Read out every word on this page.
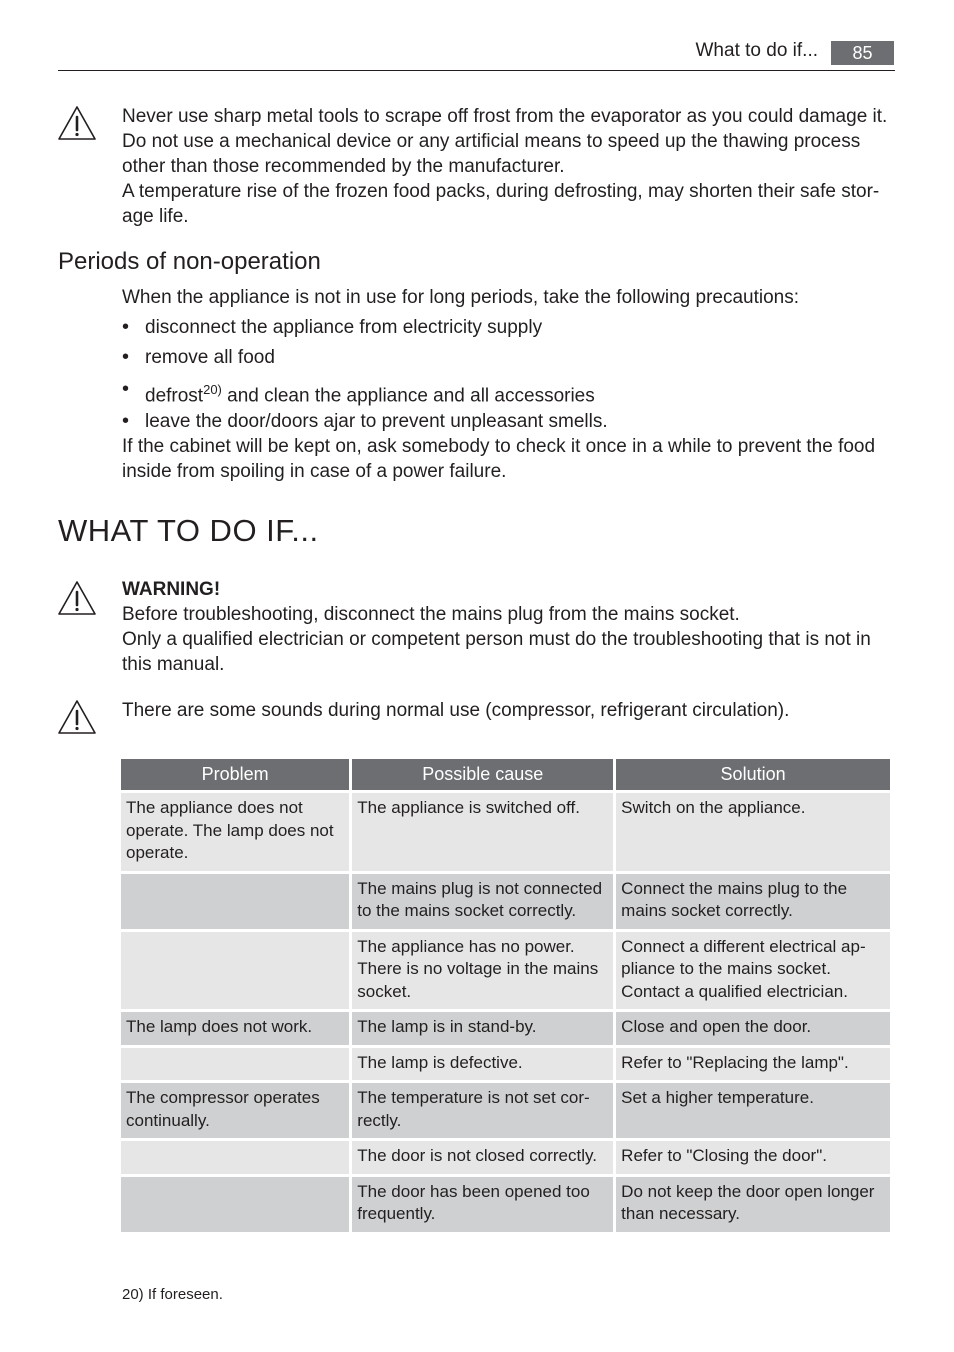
What to do if...	85

Never use sharp metal tools to scrape off frost from the evaporator as you could damage it.

Do not use a mechanical device or any artificial means to speed up the thawing process

other than those recommended by the manufacturer.

A temperature rise of the frozen food packs, during defrosting, may shorten their safe stor-

age life.

Periods of non-operation
When the appliance is not in use for long periods, take the following precautions:
• disconnect the appliance from electricity supply
• remove all food
• defrost$^{20)}$ and clean the appliance and all accessories
• leave the door/doors ajar to prevent unpleasant smells.

If the cabinet will be kept on, ask somebody to check it once in a while to prevent the food

inside from spoiling in case of a power failure.

WHAT TO DO IF...

WARNING!

Before troubleshooting, disconnect the mains plug from the mains socket.

Only a qualified electrician or competent person must do the troubleshooting that is not in

this manual.

There are some sounds during normal use (compressor, refrigerant circulation).
Problem	Possible cause	Solution
The appliance does not operate. The lamp does not operate.	The appliance is switched off.	Switch on the appliance.
	The mains plug is not connected to the mains socket correctly.	Connect the mains plug to the mains socket correctly.
	The appliance has no power. There is no voltage in the mains socket.	Connect a different electrical ap-pliance to the mains socket. Contact a qualified electrician.
The lamp does not work.	The lamp is in stand-by.	Close and open the door.
	The lamp is defective.	Refer to "Replacing the lamp".
The compressor operates continually.	The temperature is not set cor-rectly.	Set a higher temperature.
	The door is not closed correctly.	Refer to "Closing the door".
	The door has been opened too frequently.	Do not keep the door open longer than necessary.
20) If foreseen.
